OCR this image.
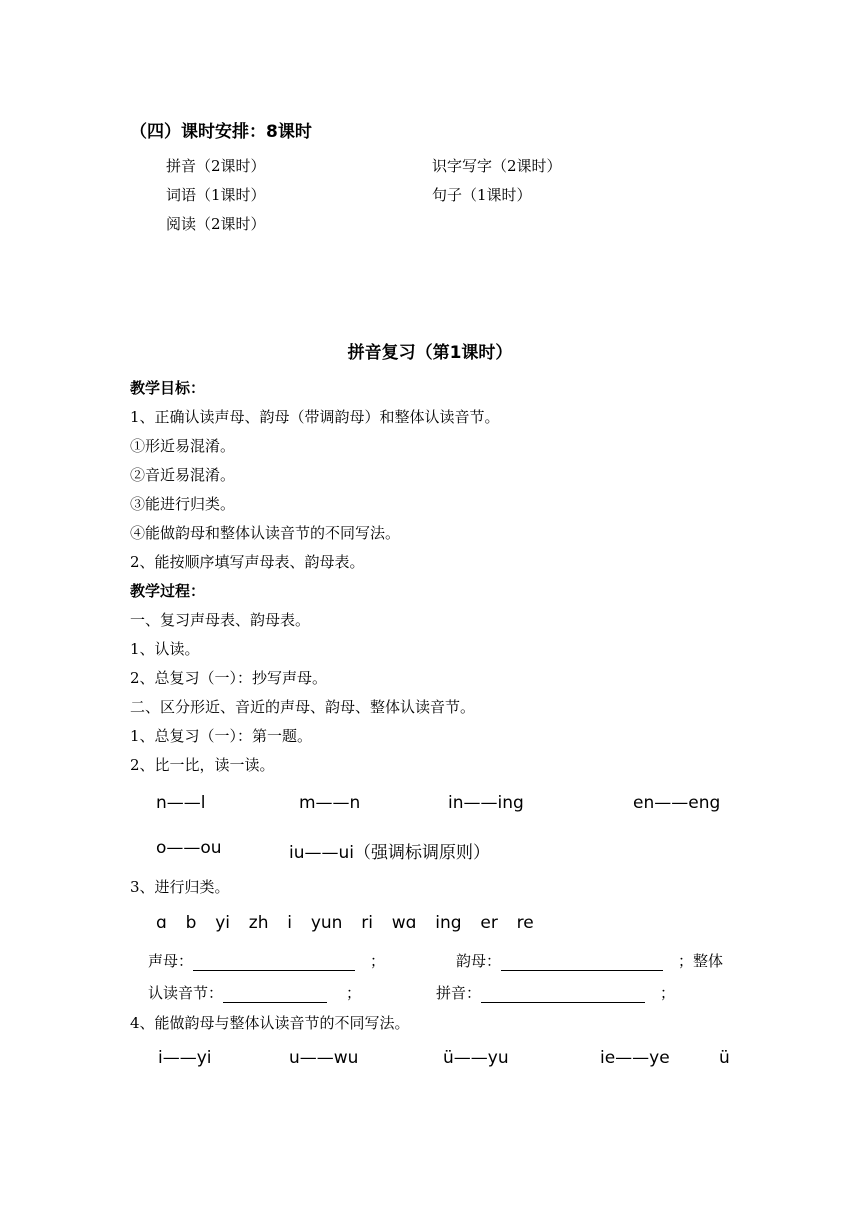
（四）课时安排：8课时
拼音（2课时）	识字写字（2课时）
词语（1课时）	句子（1课时）
阅读（2课时）
拼音复习（第1课时）
教学目标：
1、正确认读声母、韵母（带调韵母）和整体认读音节。
①形近易混淆。
②音近易混淆。
③能进行归类。
④能做韵母和整体认读音节的不同写法。
2、能按顺序填写声母表、韵母表。
教学过程：
一、复习声母表、韵母表。
1、认读。
2、总复习（一）：抄写声母。
二、区分形近、音近的声母、韵母、整体认读音节。
1、总复习（一）：第一题。
2、比一比，读一读。
n——l	m——n	in——ing	en——eng
o——ou	iu——ui（强调标调原则）
3、进行归类。
ɑ  b  yi  zh  i  yun  ri  wɑ  ing  er  re
声母：	；	韵母：	；整体
认读音节：	；	拼音：	；
4、能做韵母与整体认读音节的不同写法。
i——yi	u——wu	ü——yu	ie——ye	ü
